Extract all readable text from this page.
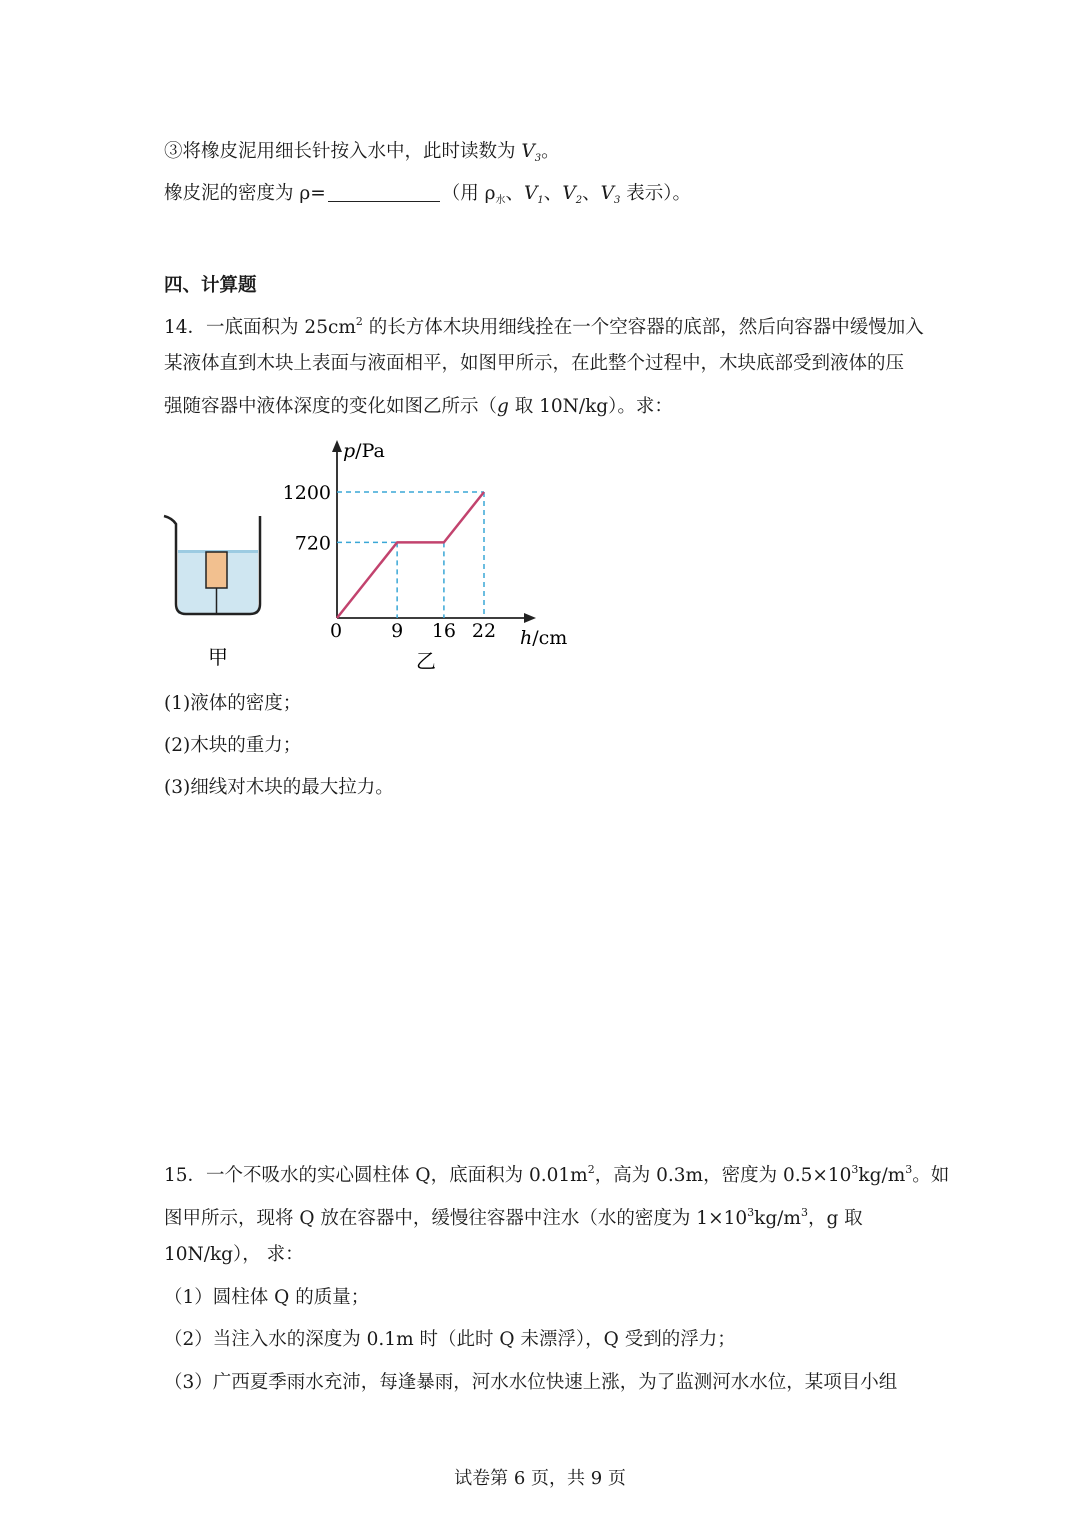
③将橡皮泥用细长针按入水中，此时读数为 $V_3$。
橡皮泥的密度为 ρ=	（用 $\rho_水$、$V_1$、$V_2$、$V_3$ 表示）。
四、计算题
14．一底面积为 $25cm^2$ 的长方体木块用细线拴在一个空容器的底部，然后向容器中缓慢加入
某液体直到木块上表面与液面相平，如图甲所示，在此整个过程中，木块底部受到液体的压
强随容器中液体深度的变化如图乙所示（g 取 10N/kg）。求：
甲
p/Pa
h/cm
0
720
1200
9 16 22
乙
(1)液体的密度；
(2)木块的重力；
(3)细线对木块的最大拉力。
15．一个不吸水的实心圆柱体 Q，底面积为 $0.01m^2$，高为 0.3m，密度为 $0.5\times 10^3kg/m^3$。如
图甲所示，现将 Q 放在容器中，缓慢往容器中注水（水的密度为 $1\times 10^3kg/m^3$，g 取
10N/kg）， 求：
（1）圆柱体 Q 的质量；
（2）当注入水的深度为 0.1m 时（此时 Q 未漂浮），Q 受到的浮力；
（3）广西夏季雨水充沛，每逢暴雨，河水水位快速上涨，为了监测河水水位，某项目小组
试卷第 6 页，共 9 页
